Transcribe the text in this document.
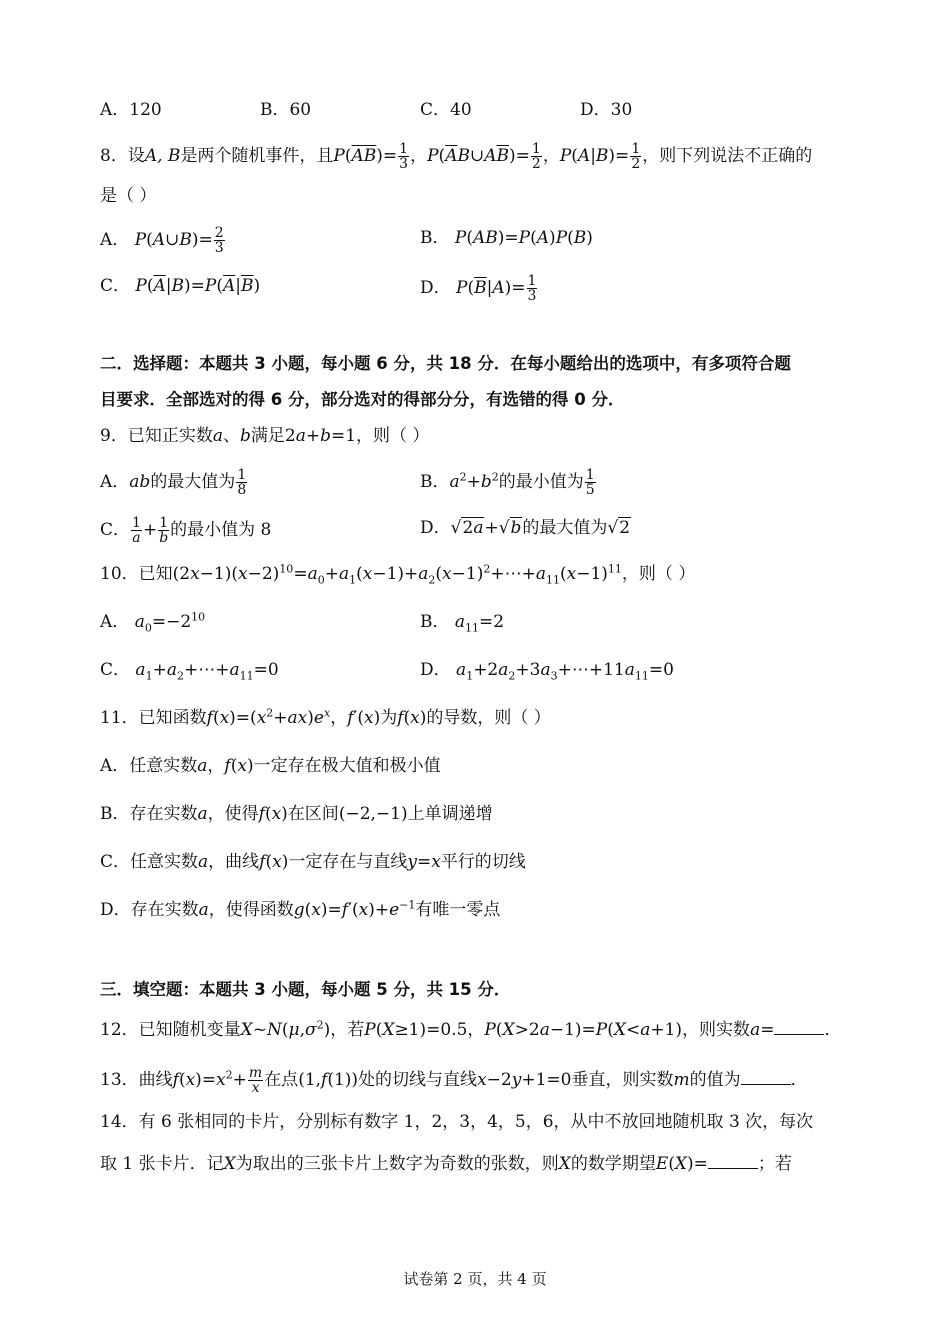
A．120	B．60	C．40	D．30
8．设A, B是两个随机事件，且$P(\overline{A}\overline{B})= \frac{1}{3}$ ，$P(\overline{A}B\cup A\overline{B})= \frac{1}{2}$ ，$P(A|B)= \frac{1}{2}$ ，则下列说法不正确的
是（ ）
A． P(A∪B)= $\frac{2}{3}$	B． P(AB)=P(A)P(B)
C． $P(\overline{A}|B)=P(\overline{A}|\overline{B})$	D． $P(\overline{B}|A)= \frac{1}{3}$
二．选择题：本题共 3 小题，每小题 6 分，共 18 分．在每小题给出的选项中，有多项符合题
目要求．全部选对的得 6 分，部分选对的得部分分，有选错的得 0 分．
9．已知正实数a、b满足2a+b=1，则（ ）
A．ab的最大值为 $\frac{1}{8}$	B．$a^2+b^2$的最小值为 $\frac{1}{5}$
C． $\frac{1}{a} + \frac{1}{b}$ 的最小值为 8	D．√2a+√b的最大值为√2
10．已知$(2x-1)(x-2)^{10}=a_0+a_1(x-1)+a_2(x-1)^2+\cdots+a_{11}(x-1)^{11}$，则（ ）
A． $a_0=-2^{10}$	B． $a_{11}=2$
C． $a_1+a_2+\cdots+a_{11}=0$	D． $a_1+2a_2+3a_3+\cdots+11a_{11}=0$
11．已知函数$f(x)=(x^2+ax)e^x$，f′(x)为f(x)的导数，则（ ）
A．任意实数a，f(x)一定存在极大值和极小值
B．存在实数a，使得f(x)在区间(−2,−1)上单调递增
C．任意实数a，曲线f(x)一定存在与直线y=x平行的切线
D．存在实数a，使得函数$g(x)=f'(x)+e^{-1}$有唯一零点
三．填空题：本题共 3 小题，每小题 5 分，共 15 分．
12．已知随机变量$X\sim N(\mu,\sigma^2)$，若P(X≥1)=0.5，P(X>2a−1)=P(X<a+1)，则实数a=	．
13．曲线$f(x)=x^2+ \frac{m}{x}$ 在点(1,f(1))处的切线与直线x−2y+1=0垂直，则实数m的值为	．
14．有 6 张相同的卡片，分别标有数字 1，2，3，4，5，6，从中不放回地随机取 3 次，每次
取 1 张卡片．记X为取出的三张卡片上数字为奇数的张数，则X的数学期望E(X)=	；若
试卷第 2 页，共 4 页
